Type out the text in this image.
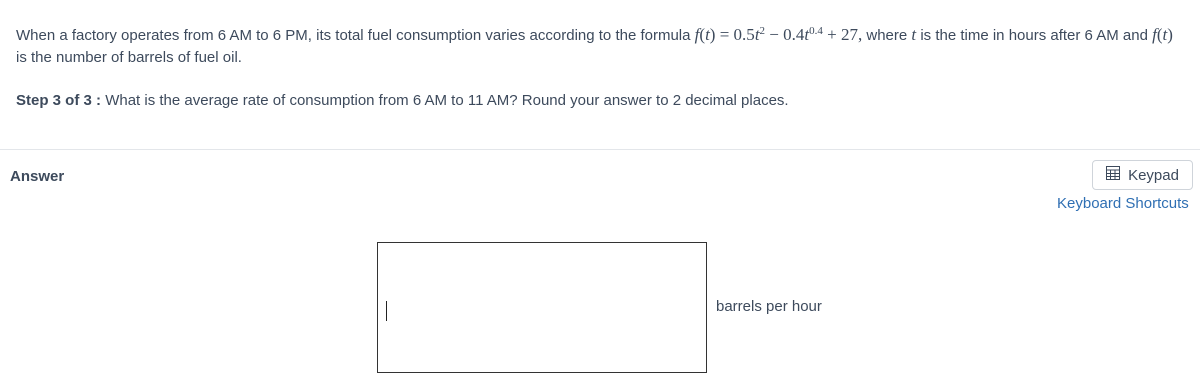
When a factory operates from 6 AM to 6 PM, its total fuel consumption varies according to the formula $f(t) = 0.5t^2 - 0.4t^{0.4} + 27$, where t is the time in hours after 6 AM and f(t) is the number of barrels of fuel oil.
Step 3 of 3 : What is the average rate of consumption from 6 AM to 11 AM? Round your answer to 2 decimal places.
Answer	Keypad
Keyboard Shortcuts
barrels per hour
